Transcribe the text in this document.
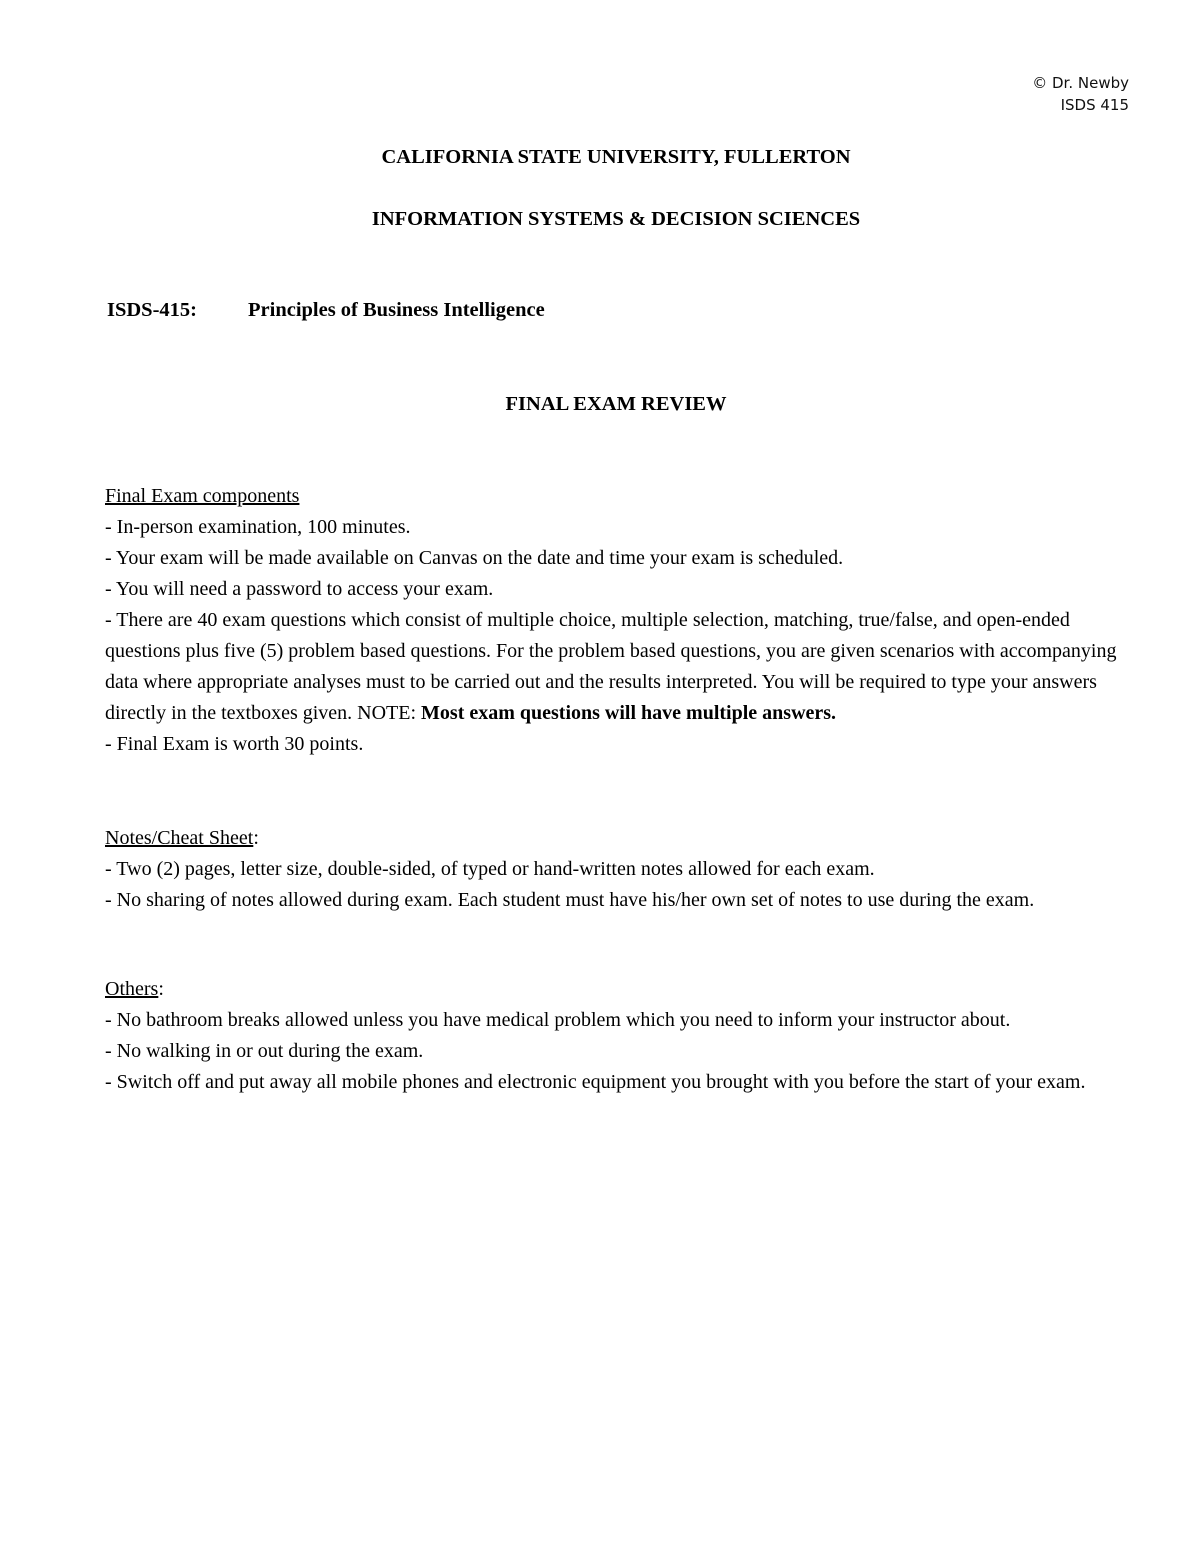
© Dr. Newby
ISDS 415
CALIFORNIA STATE UNIVERSITY, FULLERTON
INFORMATION SYSTEMS & DECISION SCIENCES
ISDS-415: Principles of Business Intelligence
FINAL EXAM REVIEW

Final Exam components

- In-person examination, 100 minutes.

- Your exam will be made available on Canvas on the date and time your exam is scheduled.

- You will need a password to access your exam.

- There are 40 exam questions which consist of multiple choice, multiple selection, matching, true/false, and open-ended questions plus five (5) problem based questions. For the problem based questions, you are given scenarios with accompanying data where appropriate analyses must to be carried out and the results interpreted. You will be required to type your answers directly in the textboxes given. NOTE: Most exam questions will have multiple answers.

- Final Exam is worth 30 points.

Notes/Cheat Sheet:

- Two (2) pages, letter size, double-sided, of typed or hand-written notes allowed for each exam.

- No sharing of notes allowed during exam. Each student must have his/her own set of notes to use during the exam.

Others:

- No bathroom breaks allowed unless you have medical problem which you need to inform your instructor about.

- No walking in or out during the exam.

- Switch off and put away all mobile phones and electronic equipment you brought with you before the start of your exam.
